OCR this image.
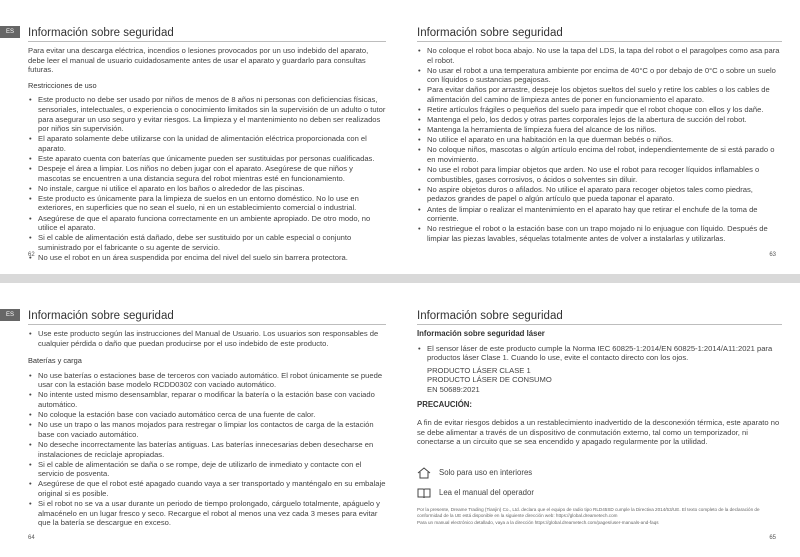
ES	Información sobre seguridad

Para evitar una descarga eléctrica, incendios o lesiones provocados por un uso indebido del aparato, debe leer el manual de usuario cuidadosamente antes de usar el aparato y guardarlo para consultas futuras.

Restricciones de uso
• Este producto no debe ser usado por niños de menos de 8 años ni personas con deficiencias físicas, sensoriales, intelectuales, o experiencia o conocimiento limitados sin la supervisión de un adulto o tutor para asegurar un uso seguro y evitar riesgos. La limpieza y el mantenimiento no deben ser realizados por niños sin supervisión.
• El aparato solamente debe utilizarse con la unidad de alimentación eléctrica proporcionada con el aparato.
• Este aparato cuenta con baterías que únicamente pueden ser sustituidas por personas cualificadas.
• Despeje el área a limpiar. Los niños no deben jugar con el aparato. Asegúrese de que niños y mascotas se encuentren a una distancia segura del robot mientras esté en funcionamiento.
• No instale, cargue ni utilice el aparato en los baños o alrededor de las piscinas.
• Este producto es únicamente para la limpieza de suelos en un entorno doméstico. No lo use en exteriores, en superficies que no sean el suelo, ni en un establecimiento comercial o industrial.
• Asegúrese de que el aparato funciona correctamente en un ambiente apropiado. De otro modo, no utilice el aparato.
• Si el cable de alimentación está dañado, debe ser sustituido por un cable especial o conjunto suministrado por el fabricante o su agente de servicio.
• No use el robot en un área suspendida por encima del nivel del suelo sin barrera protectora.
62
Información sobre seguridad
• No coloque el robot boca abajo. No use la tapa del LDS, la tapa del robot o el paragolpes como asa para el robot.
• No usar el robot a una temperatura ambiente por encima de 40°C o por debajo de 0°C o sobre un suelo con líquidos o sustancias pegajosas.
• Para evitar daños por arrastre, despeje los objetos sueltos del suelo y retire los cables o los cables de alimentación del camino de limpieza antes de poner en funcionamiento el aparato.
• Retire artículos frágiles o pequeños del suelo para impedir que el robot choque con ellos y los dañe.
• Mantenga el pelo, los dedos y otras partes corporales lejos de la abertura de succión del robot.
• Mantenga la herramienta de limpieza fuera del alcance de los niños.
• No utilice el aparato en una habitación en la que duerman bebés o niños.
• No coloque niños, mascotas o algún artículo encima del robot, independientemente de si está parado o en movimiento.
• No use el robot para limpiar objetos que arden. No use el robot para recoger líquidos inflamables o combustibles, gases corrosivos, o ácidos o solventes sin diluir.
• No aspire objetos duros o afilados. No utilice el aparato para recoger objetos tales como piedras, pedazos grandes de papel o algún artículo que pueda taponar el aparato.
• Antes de limpiar o realizar el mantenimiento en el aparato hay que retirar el enchufe de la toma de corriente.
• No restriegue el robot o la estación base con un trapo mojado ni lo enjuague con líquido. Después de limpiar las piezas lavables, séquelas totalmente antes de volver a instalarlas y utilizarlas.
63
ES	Información sobre seguridad
• Use este producto según las instrucciones del Manual de Usuario. Los usuarios son responsables de cualquier pérdida o daño que puedan producirse por el uso indebido de este producto.
Baterías y carga
• No use baterías o estaciones base de terceros con vaciado automático. El robot únicamente se puede usar con la estación base modelo RCDD0302 con vaciado automático.
• No intente usted mismo desensamblar, reparar o modificar la batería o la estación base con vaciado automático.
• No coloque la estación base con vaciado automático cerca de una fuente de calor.
• No use un trapo o las manos mojados para restregar o limpiar los contactos de carga de la estación base con vaciado automático.
• No deseche incorrectamente las baterías antiguas. Las baterías innecesarias deben desecharse en instalaciones de reciclaje apropiadas.
• Si el cable de alimentación se daña o se rompe, deje de utilizarlo de inmediato y contacte con el servicio de posventa.
• Asegúrese de que el robot esté apagado cuando vaya a ser transportado y manténgalo en su embalaje original si es posible.
• Si el robot no se va a usar durante un periodo de tiempo prolongado, cárguelo totalmente, apáguelo y almacénelo en un lugar fresco y seco. Recargue el robot al menos una vez cada 3 meses para evitar que la batería se descargue en exceso.
64
Información sobre seguridad
Información sobre seguridad láser
• El sensor láser de este producto cumple la Norma IEC 60825-1:2014/EN 60825-1:2014/A11:2021 para productos láser Clase 1. Cuando lo use, evite el contacto directo con los ojos.
PRODUCTO LÁSER CLASE 1
PRODUCTO LÁSER DE CONSUMO
EN 50689:2021
PRECAUCIÓN:

A fin de evitar riesgos debidos a un restablecimiento inadvertido de la desconexión térmica, este aparato no se debe alimentar a través de un dispositivo de conmutación externo, tal como un temporizador, ni conectarse a un circuito que se sea encendido y apagado regularmente por la utilidad.

Solo para uso en interiores
Lea el manual del operador
Por la presente, Dreame Trading (Tianjin) Co., Ltd. declara que el equipo de radio tipo RLD45SD cumple la Directiva 2014/53/UE. El texto completo de la declaración de conformidad de la UE está disponible en la siguiente dirección web: https://global.dreametech.com
Para un manual electrónico detallado, vaya a la dirección https://global.dreametech.com/pages/user-manuals-and-faqs
65
